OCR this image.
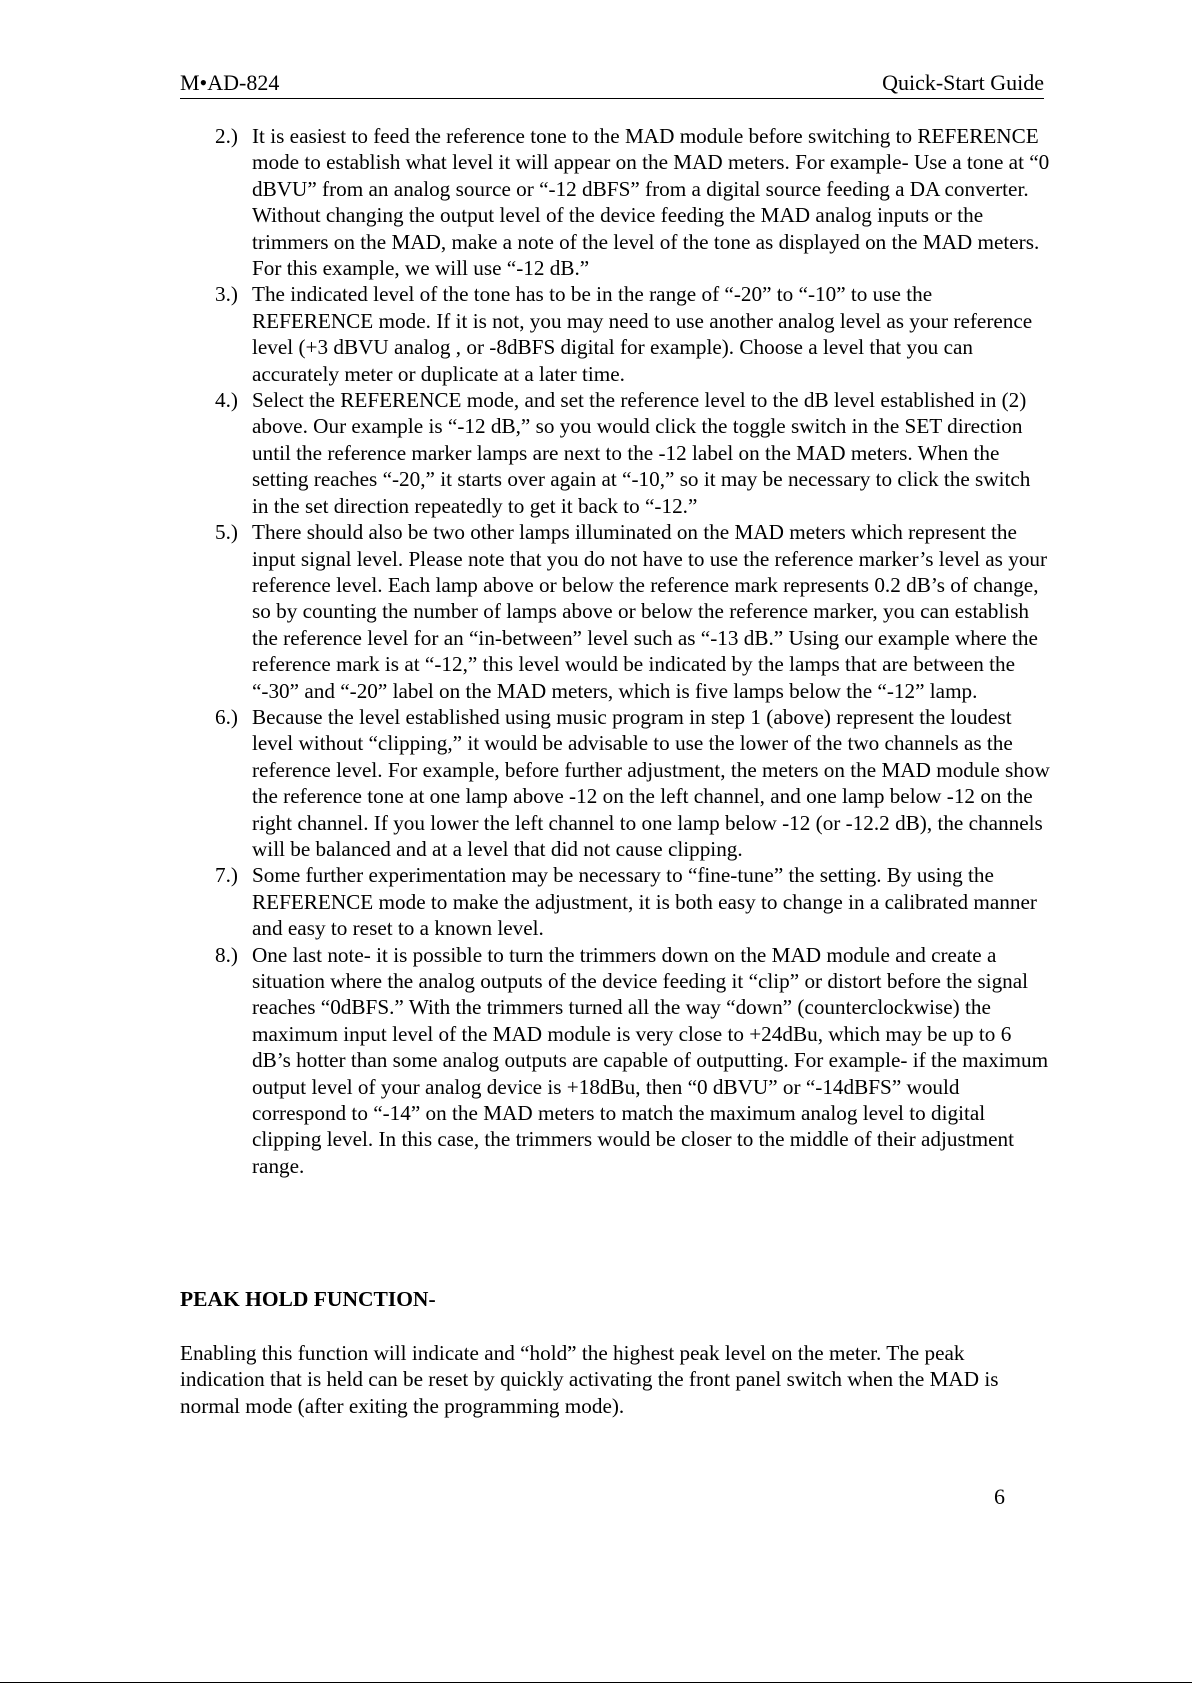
M•AD-824	Quick-Start Guide
2.) It is easiest to feed the reference tone to the MAD module before switching to REFERENCE mode to establish what level it will appear on the MAD meters. For example- Use a tone at “0 dBVU” from an analog source or “-12 dBFS” from a digital source feeding a DA converter. Without changing the output level of the device feeding the MAD analog inputs or the trimmers on the MAD, make a note of the level of the tone as displayed on the MAD meters. For this example, we will use “-12 dB.”
3.) The indicated level of the tone has to be in the range of “-20” to “-10” to use the REFERENCE mode. If it is not, you may need to use another analog level as your reference level (+3 dBVU analog , or -8dBFS digital for example). Choose a level that you can accurately meter or duplicate at a later time.
4.) Select the REFERENCE mode, and set the reference level to the dB level established in (2) above. Our example is “-12 dB,” so you would click the toggle switch in the SET direction until the reference marker lamps are next to the -12 label on the MAD meters. When the setting reaches “-20,” it starts over again at “-10,” so it may be necessary to click the switch in the set direction repeatedly to get it back to “-12.”
5.) There should also be two other lamps illuminated on the MAD meters which represent the input signal level. Please note that you do not have to use the reference marker’s level as your reference level. Each lamp above or below the reference mark represents 0.2 dB’s of change, so by counting the number of lamps above or below the reference marker, you can establish the reference level for an “in-between” level such as “-13 dB.” Using our example where the reference mark is at “-12,” this level would be indicated by the lamps that are between the “-30” and “-20” label on the MAD meters, which is five lamps below the “-12” lamp.
6.) Because the level established using music program in step 1 (above) represent the loudest level without “clipping,” it would be advisable to use the lower of the two channels as the reference level. For example, before further adjustment, the meters on the MAD module show the reference tone at one lamp above -12 on the left channel, and one lamp below -12 on the right channel. If you lower the left channel to one lamp below -12 (or -12.2 dB), the channels will be balanced and at a level that did not cause clipping.
7.) Some further experimentation may be necessary to “fine-tune” the setting. By using the REFERENCE mode to make the adjustment, it is both easy to change in a calibrated manner and easy to reset to a known level.
8.) One last note- it is possible to turn the trimmers down on the MAD module and create a situation where the analog outputs of the device feeding it “clip” or distort before the signal reaches “0dBFS.” With the trimmers turned all the way “down” (counterclockwise) the maximum input level of the MAD module is very close to +24dBu, which may be up to 6 dB’s hotter than some analog outputs are capable of outputting. For example- if the maximum output level of your analog device is +18dBu, then “0 dBVU” or “-14dBFS” would correspond to “-14” on the MAD meters to match the maximum analog level to digital clipping level. In this case, the trimmers would be closer to the middle of their adjustment range.
PEAK HOLD FUNCTION-

Enabling this function will indicate and “hold” the highest peak level on the meter. The peak indication that is held can be reset by quickly activating the front panel switch when the MAD is normal mode (after exiting the programming mode).

6
